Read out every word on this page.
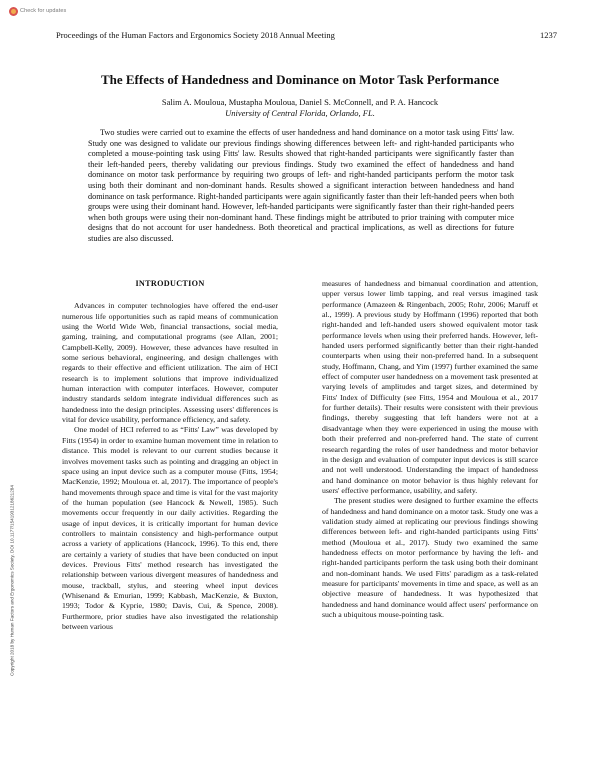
Check for updates
Proceedings of the Human Factors and Ergonomics Society 2018 Annual Meeting	1237
The Effects of Handedness and Dominance on Motor Task Performance
Salim A. Mouloua, Mustapha Mouloua, Daniel S. McConnell, and P. A. Hancock
University of Central Florida, Orlando, FL.

Two studies were carried out to examine the effects of user handedness and hand dominance on a motor task using Fitts' law. Study one was designed to validate our previous findings showing differences between left- and right-handed participants who completed a mouse-pointing task using Fitts' law. Results showed that right-handed participants were significantly faster than their left-handed peers, thereby validating our previous findings. Study two examined the effect of handedness and hand dominance on motor task performance by requiring two groups of left- and right-handed participants perform the motor task using both their dominant and non-dominant hands. Results showed a significant interaction between handedness and hand dominance on task performance. Right-handed participants were again significantly faster than their left-handed peers when both groups were using their dominant hand. However, left-handed participants were significantly faster than their right-handed peers when both groups were using their non-dominant hand. These findings might be attributed to prior training with computer mice designs that do not account for user handedness. Both theoretical and practical implications, as well as directions for future studies are also discussed.

INTRODUCTION

Advances in computer technologies have offered the end-user numerous life opportunities such as rapid means of communication using the World Wide Web, financial transactions, social media, gaming, training, and computational programs (see Allan, 2001; Campbell-Kelly, 2009). However, these advances have resulted in some serious behavioral, engineering, and design challenges with regards to their effective and efficient utilization. The aim of HCI research is to implement solutions that improve individualized human interaction with computer interfaces. However, computer industry standards seldom integrate individual differences such as handedness into the design principles. Assessing users' differences is vital for device usability, performance efficiency, and safety.

One model of HCI referred to as “Fitts' Law” was developed by Fitts (1954) in order to examine human movement time in relation to distance. This model is relevant to our current studies because it involves movement tasks such as pointing and dragging an object in space using an input device such as a computer mouse (Fitts, 1954; MacKenzie, 1992; Mouloua et. al, 2017). The importance of people's hand movements through space and time is vital for the vast majority of the human population (see Hancock & Newell, 1985). Such movements occur frequently in our daily activities. Regarding the usage of input devices, it is critically important for human device controllers to maintain consistency and high-performance output across a variety of applications (Hancock, 1996). To this end, there are certainly a variety of studies that have been conducted on input devices. Previous Fitts' method research has investigated the relationship between various divergent measures of handedness and mouse, trackball, stylus, and steering wheel input devices (Whisenand & Emurian, 1999; Kabbash, MacKenzie, & Buxton, 1993; Todor & Kyprie, 1980; Davis, Cui, & Spence, 2008). Furthermore, prior studies have also investigated the relationship between various

measures of handedness and bimanual coordination and attention, upper versus lower limb tapping, and real versus imagined task performance (Amazeen & Ringenbach, 2005; Rohr, 2006; Maruff et al., 1999). A previous study by Hoffmann (1996) reported that both right-handed and left-handed users showed equivalent motor task performance levels when using their preferred hands. However, left-handed users performed significantly better than their right-handed counterparts when using their non-preferred hand. In a subsequent study, Hoffmann, Chang, and Yim (1997) further examined the same effect of computer user handedness on a movement task presented at varying levels of amplitudes and target sizes, and determined by Fitts' Index of Difficulty (see Fitts, 1954 and Mouloua et al., 2017 for further details). Their results were consistent with their previous findings, thereby suggesting that left handers were not at a disadvantage when they were experienced in using the mouse with both their preferred and non-preferred hand. The state of current research regarding the roles of user handedness and motor behavior in the design and evaluation of computer input devices is still scarce and not well understood. Understanding the impact of handedness and hand dominance on motor behavior is thus highly relevant for users' effective performance, usability, and safety.

The present studies were designed to further examine the effects of handedness and hand dominance on a motor task. Study one was a validation study aimed at replicating our previous findings showing differences between left- and right-handed participants using Fitts' method (Mouloua et al., 2017). Study two examined the same handedness effects on motor performance by having the left- and right-handed participants perform the task using both their dominant and non-dominant hands. We used Fitts' paradigm as a task-related measure for participants' movements in time and space, as well as an objective measure of handedness. It was hypothesized that handedness and hand dominance would affect users' performance on such a ubiquitous mouse-pointing task.

Copyright 2018 by Human Factors and Ergonomics Society. DOI 10.1177/1541931218621284
